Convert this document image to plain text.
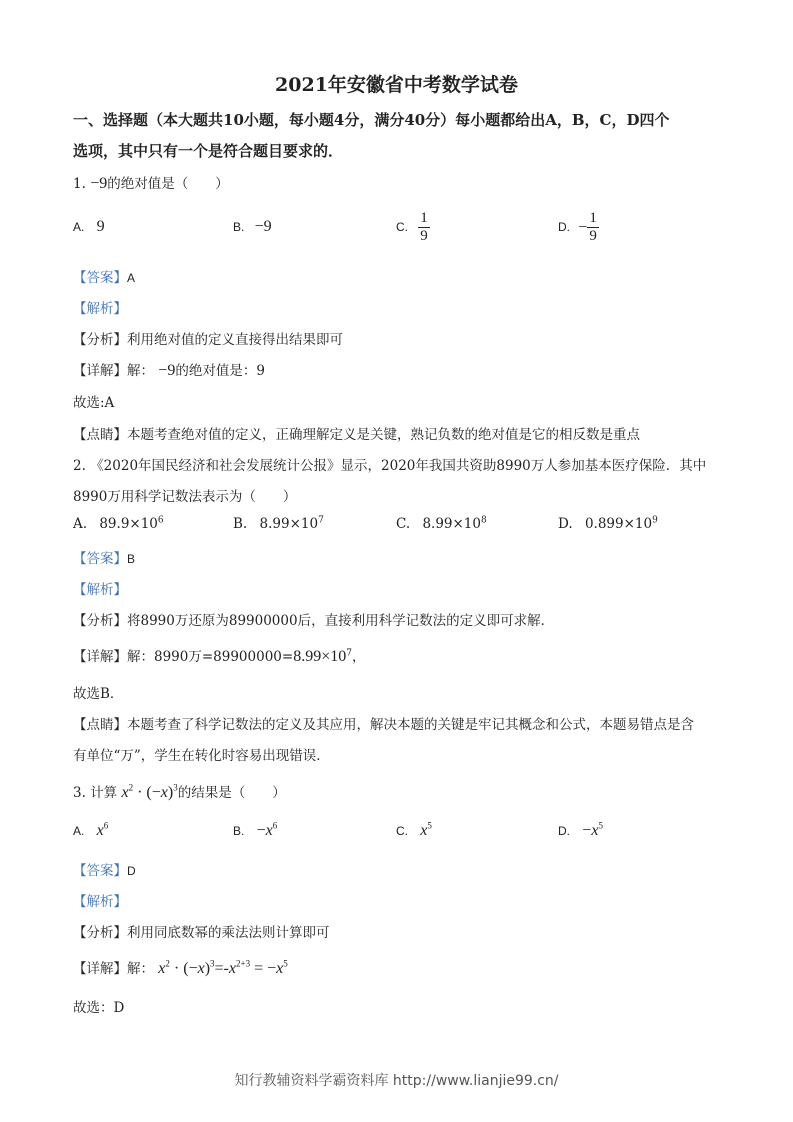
2021年安徽省中考数学试卷
一、选择题（本大题共10小题，每小题4分，满分40分）每小题都给出A，B，C，D四个
选项，其中只有一个是符合题目要求的．
1. −9的绝对值是（　　）
A. 9	B. −9	C. $\frac{1}{9}$	D. − $\frac{1}{9}$
【答案】A
【解析】
【分析】利用绝对值的定义直接得出结果即可
【详解】解： −9的绝对值是：9
故选:A
【点睛】本题考查绝对值的定义，正确理解定义是关键，熟记负数的绝对值是它的相反数是重点
2. 《2020年国民经济和社会发展统计公报》显示，2020年我国共资助8990万人参加基本医疗保险．其中
8990万用科学记数法表示为（　　）
A. $89.9\times 10^6$	B. $8.99\times 10^7$	C. $8.99\times 10^8$	D. $0.899\times 10^9$
【答案】B
【解析】
【分析】将8990万还原为89900000后，直接利用科学记数法的定义即可求解．
【详解】解：8990万$=89900000=8.99\times 10^7$，
故选B．
【点睛】本题考查了科学记数法的定义及其应用，解决本题的关键是牢记其概念和公式，本题易错点是含
有单位“万”，学生在转化时容易出现错误．
3. 计算 $x^2 \cdot (-x)^3$的结果是（　　）
A. $x^6$	B. $-x^6$	C. $x^5$	D. $-x^5$
【答案】D
【解析】
【分析】利用同底数幂的乘法法则计算即可
【详解】解： $x^2 \cdot (-x)^3=-x^{2+3} = -x^5$
故选：D
知行教辅资料学霸资料库 http://www.lianjie99.cn/
